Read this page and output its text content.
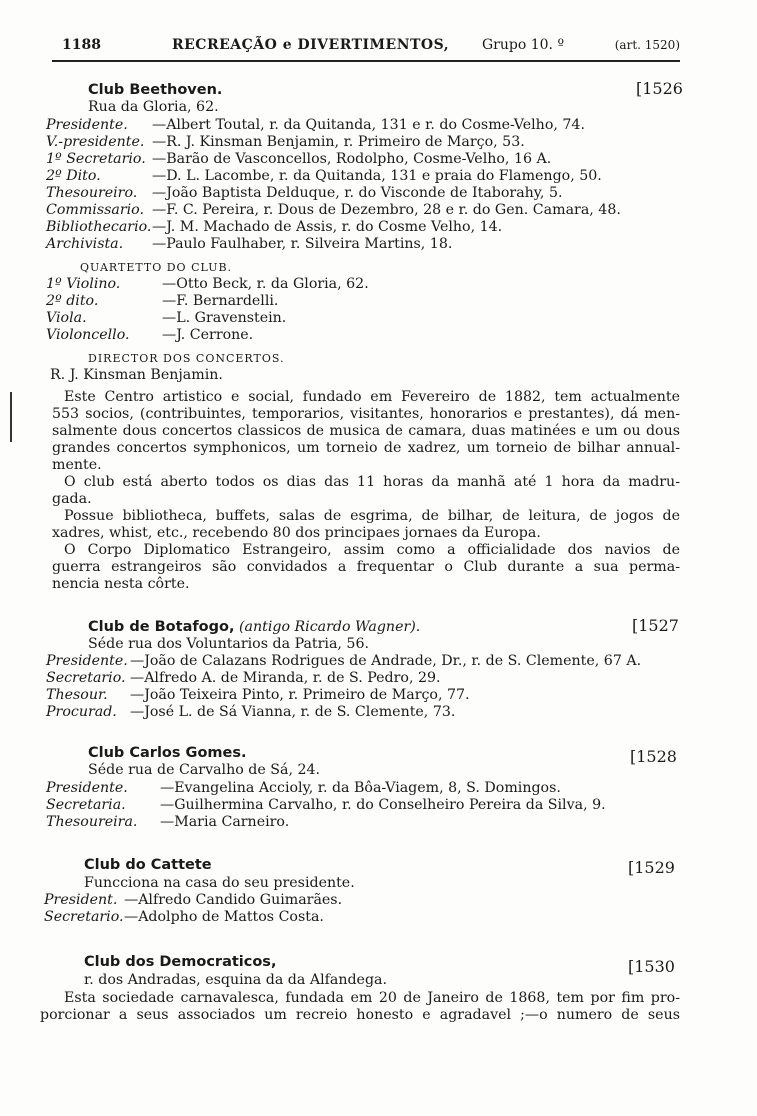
1188	RECREAÇÃO e DIVERTIMENTOS, Grupo 10. º	(art. 1520)
Club Beethoven.	[1526
Rua da Gloria, 62.
Presidente. —Albert Toutal, r. da Quitanda, 131 e r. do Cosme-Velho, 74.
V.-presidente. —R. J. Kinsman Benjamin, r. Primeiro de Março, 53.
1º Secretario. —Barão de Vasconcellos, Rodolpho, Cosme-Velho, 16 A.
2º Dito.	—D. L. Lacombe, r. da Quitanda, 131 e praia do Flamengo, 50.
Thesoureiro. —João Baptista Delduque, r. do Visconde de Itaborahy, 5.
Commissario. —F. C. Pereira, r. Dous de Dezembro, 28 e r. do Gen. Camara, 48.
Bibliothecario. —J. M. Machado de Assis, r. do Cosme Velho, 14.
Archivista. —Paulo Faulhaber, r. Silveira Martins, 18.
QUARTETTO DO CLUB.
1º Violino.	—Otto Beck, r. da Gloria, 62.
2º dito.	—F. Bernardelli.
Viola.	—L. Gravenstein.
Violoncello. —J. Cerrone.
DIRECTOR DOS CONCERTOS.
R. J. Kinsman Benjamin.
Este Centro artistico e social, fundado em Fevereiro de 1882, tem actualmente
553 socios, (contribuintes, temporarios, visitantes, honorarios e prestantes), dá men-
salmente dous concertos classicos de musica de camara, duas matinées e um ou dous
grandes concertos symphonicos, um torneio de xadrez, um torneio de bilhar annual-
mente.
O club está aberto todos os dias das 11 horas da manhã até 1 hora da madru-
gada.
Possue bibliotheca, buffets, salas de esgrima, de bilhar, de leitura, de jogos de
xadres, whist, etc., recebendo 80 dos principaes jornaes da Europa.
O Corpo Diplomatico Estrangeiro, assim como a officialidade dos navios de
guerra estrangeiros são convidados a frequentar o Club durante a sua perma-
nencia nesta côrte.
Club de Botafogo, (antigo Ricardo Wagner).	[1527
Séde rua dos Voluntarios da Patria, 56.
Presidente. —João de Calazans Rodrigues de Andrade, Dr., r. de S. Clemente, 67 A.
Secretario. —Alfredo A. de Miranda, r. de S. Pedro, 29.
Thesour. —João Teixeira Pinto, r. Primeiro de Março, 77.
Procurad. —José L. de Sá Vianna, r. de S. Clemente, 73.
Club Carlos Gomes.	[1528
Séde rua de Carvalho de Sá, 24.
Presidente. —Evangelina Accioly, r. da Bôa-Viagem, 8, S. Domingos.
Secretaria. —Guilhermina Carvalho, r. do Conselheiro Pereira da Silva, 9.
Thesoureira. —Maria Carneiro.
Club do Cattete	[1529
Funcciona na casa do seu presidente.
President. —Alfredo Candido Guimarães.
Secretario. —Adolpho de Mattos Costa.
Club dos Democraticos,	[1530
r. dos Andradas, esquina da da Alfandega.
Esta sociedade carnavalesca, fundada em 20 de Janeiro de 1868, tem por fim pro-
porcionar a seus associados um recreio honesto e agradavel ;—o numero de seus
